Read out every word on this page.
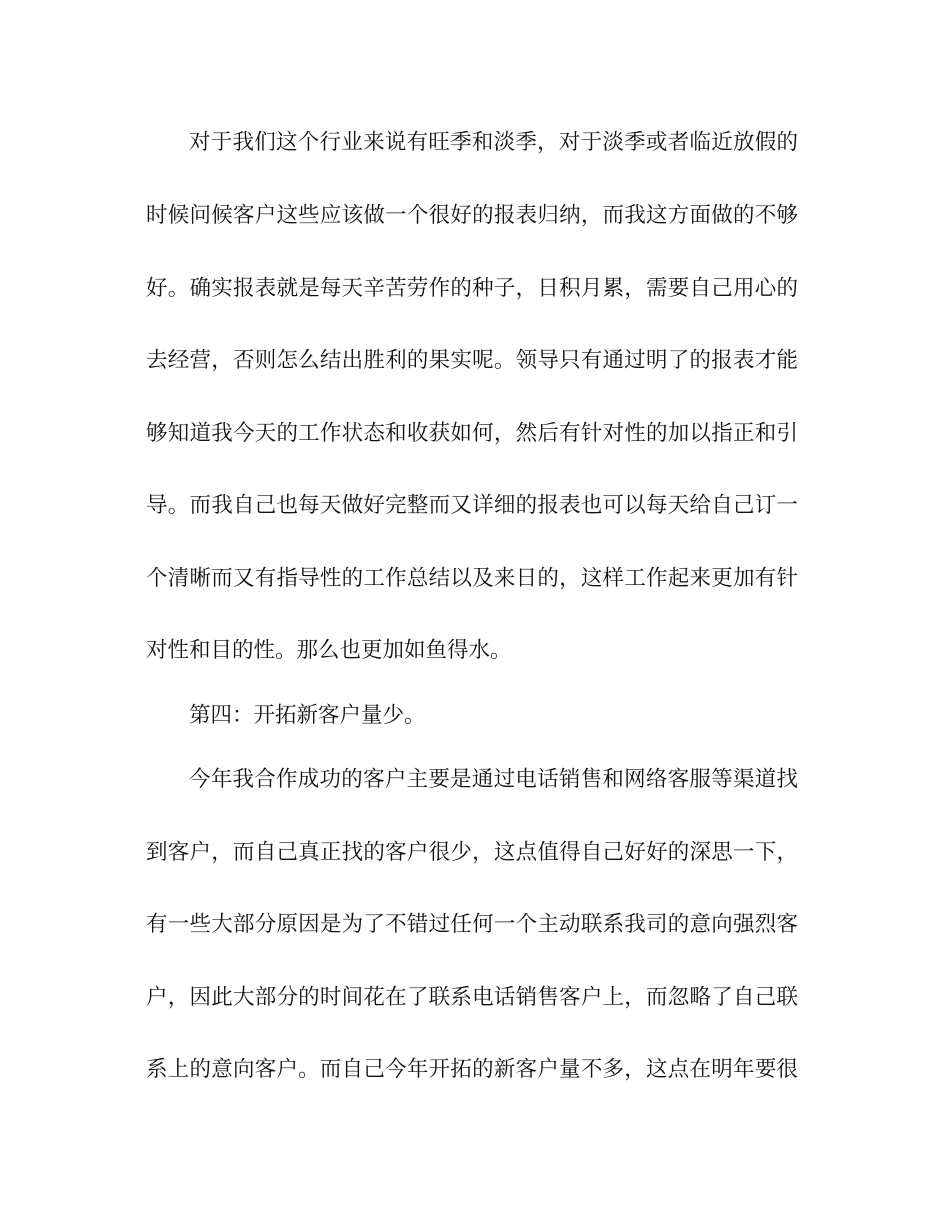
对于我们这个行业来说有旺季和淡季，对于淡季或者临近放假的
时候问候客户这些应该做一个很好的报表归纳，而我这方面做的不够
好。确实报表就是每天辛苦劳作的种子，日积月累，需要自己用心的
去经营，否则怎么结出胜利的果实呢。领导只有通过明了的报表才能
够知道我今天的工作状态和收获如何，然后有针对性的加以指正和引
导。而我自己也每天做好完整而又详细的报表也可以每天给自己订一
个清晰而又有指导性的工作总结以及来日的，这样工作起来更加有针
对性和目的性。那么也更加如鱼得水。
第四：开拓新客户量少。
今年我合作成功的客户主要是通过电话销售和网络客服等渠道找
到客户，而自己真正找的客户很少，这点值得自己好好的深思一下，
有一些大部分原因是为了不错过任何一个主动联系我司的意向强烈客
户，因此大部分的时间花在了联系电话销售客户上，而忽略了自己联
系上的意向客户。而自己今年开拓的新客户量不多，这点在明年要很
